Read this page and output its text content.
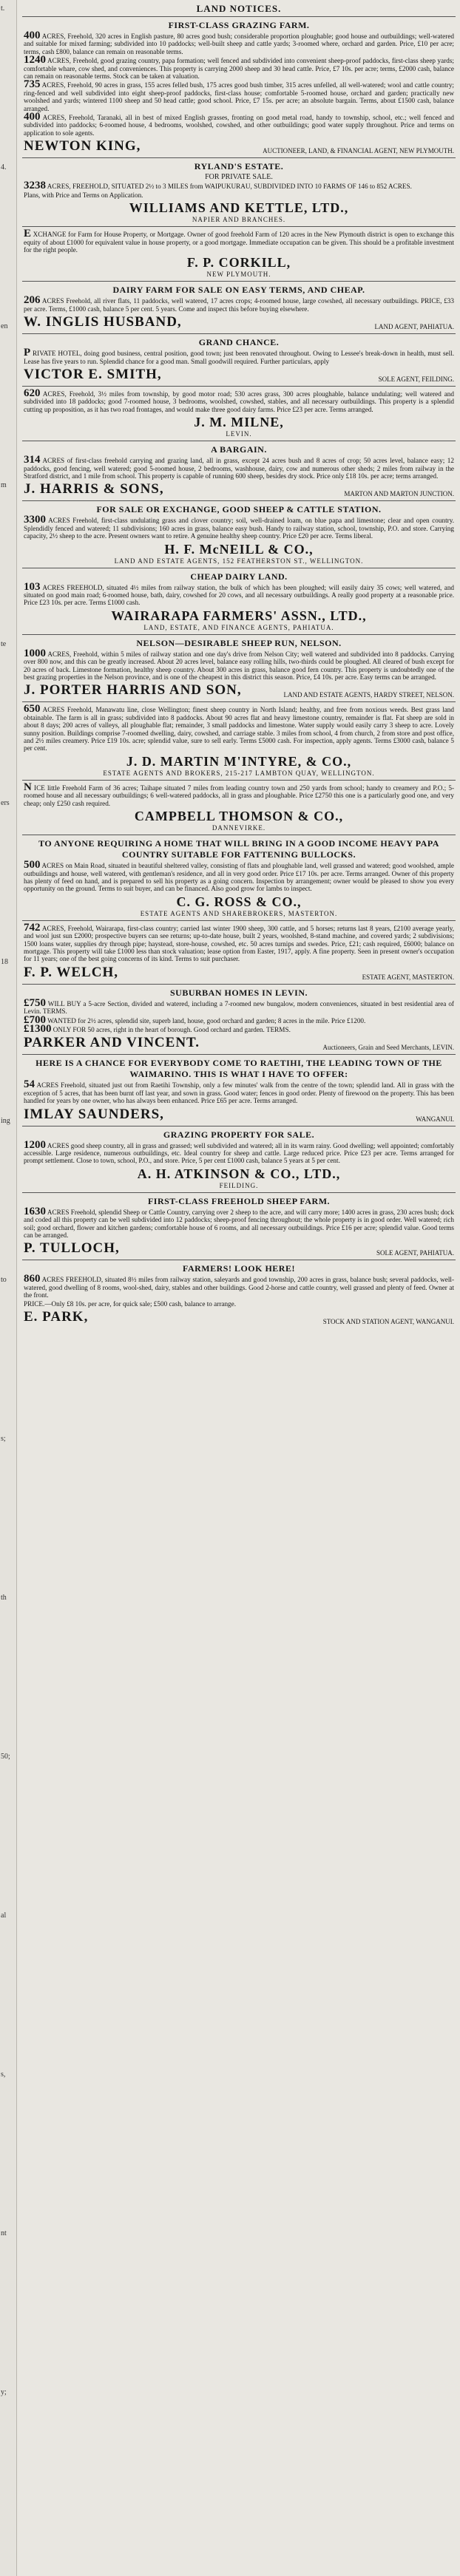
t.
4.
en
m
te
ers
18
ing
to
s;
th
50;
al
s,
nt
y;
LAND NOTICES.
FIRST-CLASS GRAZING FARM.

400 ACRES, Freehold, 320 acres in English pasture, 80 acres good bush; considerable proportion ploughable; good house and outbuildings; well-watered and suitable for mixed farming; subdivided into 10 paddocks; well-built sheep and cattle yards; 3-roomed where, orchard and garden. Price, £10 per acre; terms, cash £800, balance can remain on reasonable terms.

1240 ACRES, Freehold, good grazing country, papa formation; well fenced and subdivided into convenient sheep-proof paddocks, first-class sheep yards; comfortable whare, cow shed, and conveniences. This property is carrying 2000 sheep and 30 head cattle. Price, £7 10s. per acre; terms, £2000 cash, balance can remain on reasonable terms. Stock can be taken at valuation.

735 ACRES, Freehold, 90 acres in grass, 155 acres felled bush, 175 acres good bush timber, 315 acres unfelled, all well-watered; wool and cattle country; ring-fenced and well subdivided into eight sheep-proof paddocks, first-class house; comfortable 5-roomed house, orchard and garden; practically new woolshed and yards; wintered 1100 sheep and 50 head cattle; good school. Price, £7 15s. per acre; an absolute bargain. Terms, about £1500 cash, balance arranged.

400 ACRES, Freehold, Taranaki, all in best of mixed English grasses, fronting on good metal road, handy to township, school, etc.; well fenced and subdivided into paddocks; 6-roomed house, 4 bedrooms, woolshed, cowshed, and other outbuildings; good water supply throughout. Price and terms on application to sole agents.

NEWTON KING,	AUCTIONEER, LAND, & FINANCIAL AGENT, NEW PLYMOUTH.
RYLAND'S ESTATE.
FOR PRIVATE SALE.

3238 ACRES, FREEHOLD, SITUATED 2½ to 3 MILES from WAIPUKURAU, SUBDIVIDED INTO 10 FARMS OF 146 to 852 ACRES.

Plans, with Price and Terms on Application.

WILLIAMS AND KETTLE, LTD.,
NAPIER AND BRANCHES.

E XCHANGE for Farm for House Property, or Mortgage. Owner of good freehold Farm of 120 acres in the New Plymouth district is open to exchange this equity of about £1000 for equivalent value in house property, or a good mortgage. Immediate occupation can be given. This should be a profitable investment for the right people.

F. P. CORKILL,
NEW PLYMOUTH.
DAIRY FARM FOR SALE ON EASY TERMS, AND CHEAP.

206 ACRES Freehold, all river flats, 11 paddocks, well watered, 17 acres crops; 4-roomed house, large cowshed, all necessary outbuildings. PRICE, £33 per acre. Terms, £1000 cash, balance 5 per cent. 5 years. Come and inspect this before buying elsewhere.

W. INGLIS HUSBAND,	LAND AGENT, PAHIATUA.
GRAND CHANCE.

P RIVATE HOTEL, doing good business, central position, good town; just been renovated throughout. Owing to Lessee's break-down in health, must sell. Lease has five years to run. Splendid chance for a good man. Small goodwill required. Further particulars, apply

VICTOR E. SMITH,	SOLE AGENT, FEILDING.

620 ACRES, Freehold, 3½ miles from township, by good motor road; 530 acres grass, 300 acres ploughable, balance undulating; well watered and subdivided into 18 paddocks; good 7-roomed house, 3 bedrooms, woolshed, cowshed, stables, and all necessary outbuildings. This property is a splendid cutting up proposition, as it has two road frontages, and would make three good dairy farms. Price £23 per acre. Terms arranged.

J. M. MILNE,
LEVIN.
A BARGAIN.

314 ACRES of first-class freehold carrying and grazing land, all in grass, except 24 acres bush and 8 acres of crop; 50 acres level, balance easy; 12 paddocks, good fencing, well watered; good 5-roomed house, 2 bedrooms, washhouse, dairy, cow and numerous other sheds; 2 miles from railway in the Stratford district, and 1 mile from school. This property is capable of running 600 sheep, besides dry stock. Price only £18 10s. per acre; terms arranged.

J. HARRIS & SONS,	MARTON AND MARTON JUNCTION.
FOR SALE OR EXCHANGE, GOOD SHEEP & CATTLE STATION.

3300 ACRES Freehold, first-class undulating grass and clover country; soil, well-drained loam, on blue papa and limestone; clear and open country. Splendidly fenced and watered; 11 subdivisions; 160 acres in grass, balance easy bush. Handy to railway station, school, township, P.O. and store. Carrying capacity, 2½ sheep to the acre. Present owners want to retire. A genuine healthy sheep country. Price £20 per acre. Terms liberal.

H. F. McNEILL & CO.,
LAND AND ESTATE AGENTS, 152 FEATHERSTON ST., WELLINGTON.
CHEAP DAIRY LAND.

103 ACRES FREEHOLD, situated 4½ miles from railway station, the bulk of which has been ploughed; will easily dairy 35 cows; well watered, and situated on good main road; 6-roomed house, bath, dairy, cowshed for 20 cows, and all necessary outbuildings. A really good property at a reasonable price. Price £23 10s. per acre. Terms £1000 cash.

WAIRARAPA FARMERS' ASSN., LTD.,
LAND, ESTATE, AND FINANCE AGENTS, PAHIATUA.
NELSON—DESIRABLE SHEEP RUN, NELSON.

1000 ACRES, Freehold, within 5 miles of railway station and one day's drive from Nelson City; well watered and subdivided into 8 paddocks. Carrying over 800 now, and this can be greatly increased. About 20 acres level, balance easy rolling hills, two-thirds could be ploughed. All cleared of bush except for 20 acres of back. Limestone formation, healthy sheep country. About 300 acres in grass, balance good fern country. This property is undoubtedly one of the best grazing properties in the Nelson province, and is one of the cheapest in this district this season. Price, £4 10s. per acre. Easy terms can be arranged.

J. PORTER HARRIS AND SON,	LAND AND ESTATE AGENTS, HARDY STREET, NELSON.

650 ACRES Freehold, Manawatu line, close Wellington; finest sheep country in North Island; healthy, and free from noxious weeds. Best grass land obtainable. The farm is all in grass; subdivided into 8 paddocks. About 90 acres flat and heavy limestone country, remainder is flat. Fat sheep are sold in about 8 days; 200 acres of valleys, all ploughable flat; remainder, 3 small paddocks and limestone. Water supply would easily carry 3 sheep to acre. Lovely sunny position. Buildings comprise 7-roomed dwelling, dairy, cowshed, and carriage stable. 3 miles from school, 4 from church, 2 from store and post office, and 2½ miles creamery. Price £19 10s. acre; splendid value, sure to sell early. Terms £5000 cash. For inspection, apply agents. Terms £3000 cash, balance 5 per cent.

J. D. MARTIN M'INTYRE, & CO.,
ESTATE AGENTS AND BROKERS, 215-217 LAMBTON QUAY, WELLINGTON.

N ICE little Freehold Farm of 36 acres; Taihape situated 7 miles from leading country town and 250 yards from school; handy to creamery and P.O.; 5-roomed house and all necessary outbuildings; 6 well-watered paddocks, all in grass and ploughable. Price £2750 this one is a particularly good one, and very cheap; only £250 cash required.

CAMPBELL THOMSON & CO.,
DANNEVIRKE.
TO ANYONE REQUIRING A HOME THAT WILL BRING IN A GOOD INCOME HEAVY PAPA COUNTRY SUITABLE FOR FATTENING BULLOCKS.

500 ACRES on Main Road, situated in beautiful sheltered valley, consisting of flats and ploughable land, well grassed and watered; good woolshed, ample outbuildings and house, well watered, with gentleman's residence, and all in very good order. Price £17 10s. per acre. Terms arranged. Owner of this property has plenty of feed on hand, and is prepared to sell his property as a going concern. Inspection by arrangement; owner would be pleased to show you every opportunity on the ground. Terms to suit buyer, and can be financed. Also good grow for lambs to inspect.

C. G. ROSS & CO.,
ESTATE AGENTS AND SHAREBROKERS, MASTERTON.

742 ACRES, Freehold, Wairarapa, first-class country; carried last winter 1900 sheep, 300 cattle, and 5 horses; returns last 8 years, £2100 average yearly, and wool just sun £2000; prospective buyers can see returns; up-to-date house, built 2 years, woolshed, 8-stand machine, and covered yards; 2 subdivisions; 1500 loans water, supplies dry through pipe; haystead, store-house, cowshed, etc. 50 acres turnips and swedes. Price, £21; cash required, £6000; balance on mortgage. This property will take £1000 less than stock valuation; lease option from Easter, 1917, apply. A fine property. Seen in present owner's occupation for 11 years; one of the best going concerns of its kind. Terms to suit purchaser.

F. P. WELCH,	ESTATE AGENT, MASTERTON.
SUBURBAN HOMES IN LEVIN.

£750 WILL BUY a 5-acre Section, divided and watered, including a 7-roomed new bungalow, modern conveniences, situated in best residential area of Levin. TERMS.

£700 WANTED for 2½ acres, splendid site, superb land, house, good orchard and garden; 8 acres in the mile. Price £1200.

£1300 ONLY FOR 50 acres, right in the heart of borough. Good orchard and garden. TERMS.

PARKER AND VINCENT.	Auctioneers, Grain and Seed Merchants, LEVIN.
HERE IS A CHANCE FOR EVERYBODY COME TO RAETIHI, THE LEADING TOWN OF THE WAIMARINO. THIS IS WHAT I HAVE TO OFFER:

54 ACRES Freehold, situated just out from Raetihi Township, only a few minutes' walk from the centre of the town; splendid land. All in grass with the exception of 5 acres, that has been burnt off last year, and sown in grass. Good water; fences in good order. Plenty of firewood on the property. This has been handled for years by one owner, who has always been enhanced. Price £65 per acre. Terms arranged.

IMLAY SAUNDERS,	WANGANUI.
GRAZING PROPERTY FOR SALE.

1200 ACRES good sheep country, all in grass and grassed; well subdivided and watered; all in its warm rainy. Good dwelling; well appointed; comfortably accessible. Large residence, numerous outbuildings, etc. Ideal country for sheep and cattle. Large reduced price. Price £23 per acre. Terms arranged for prompt settlement. Close to town, school, P.O., and store. Price, 5 per cent £1000 cash, balance 5 years at 5 per cent.

A. H. ATKINSON & CO., LTD.,
FEILDING.
FIRST-CLASS FREEHOLD SHEEP FARM.

1630 ACRES Freehold, splendid Sheep or Cattle Country, carrying over 2 sheep to the acre, and will carry more; 1400 acres in grass, 230 acres bush; dock and coded all this property can be well subdivided into 12 paddocks; sheep-proof fencing throughout; the whole property is in good order. Well watered; rich soil; good orchard, flower and kitchen gardens; comfortable house of 6 rooms, and all necessary outbuildings. Price £16 per acre; splendid value. Good terms can be arranged.

P. TULLOCH,	SOLE AGENT, PAHIATUA.
FARMERS! LOOK HERE!

860 ACRES FREEHOLD, situated 8½ miles from railway station, saleyards and good township, 200 acres in grass, balance bush; several paddocks, well-watered, good dwelling of 8 rooms, wool-shed, dairy, stables and other buildings. Good 2-horse and cattle country, well grassed and plenty of feed. Owner at the front.

PRICE.—Only £8 10s. per acre, for quick sale; £500 cash, balance to arrange.

E. PARK,	STOCK AND STATION AGENT, WANGANUI.
